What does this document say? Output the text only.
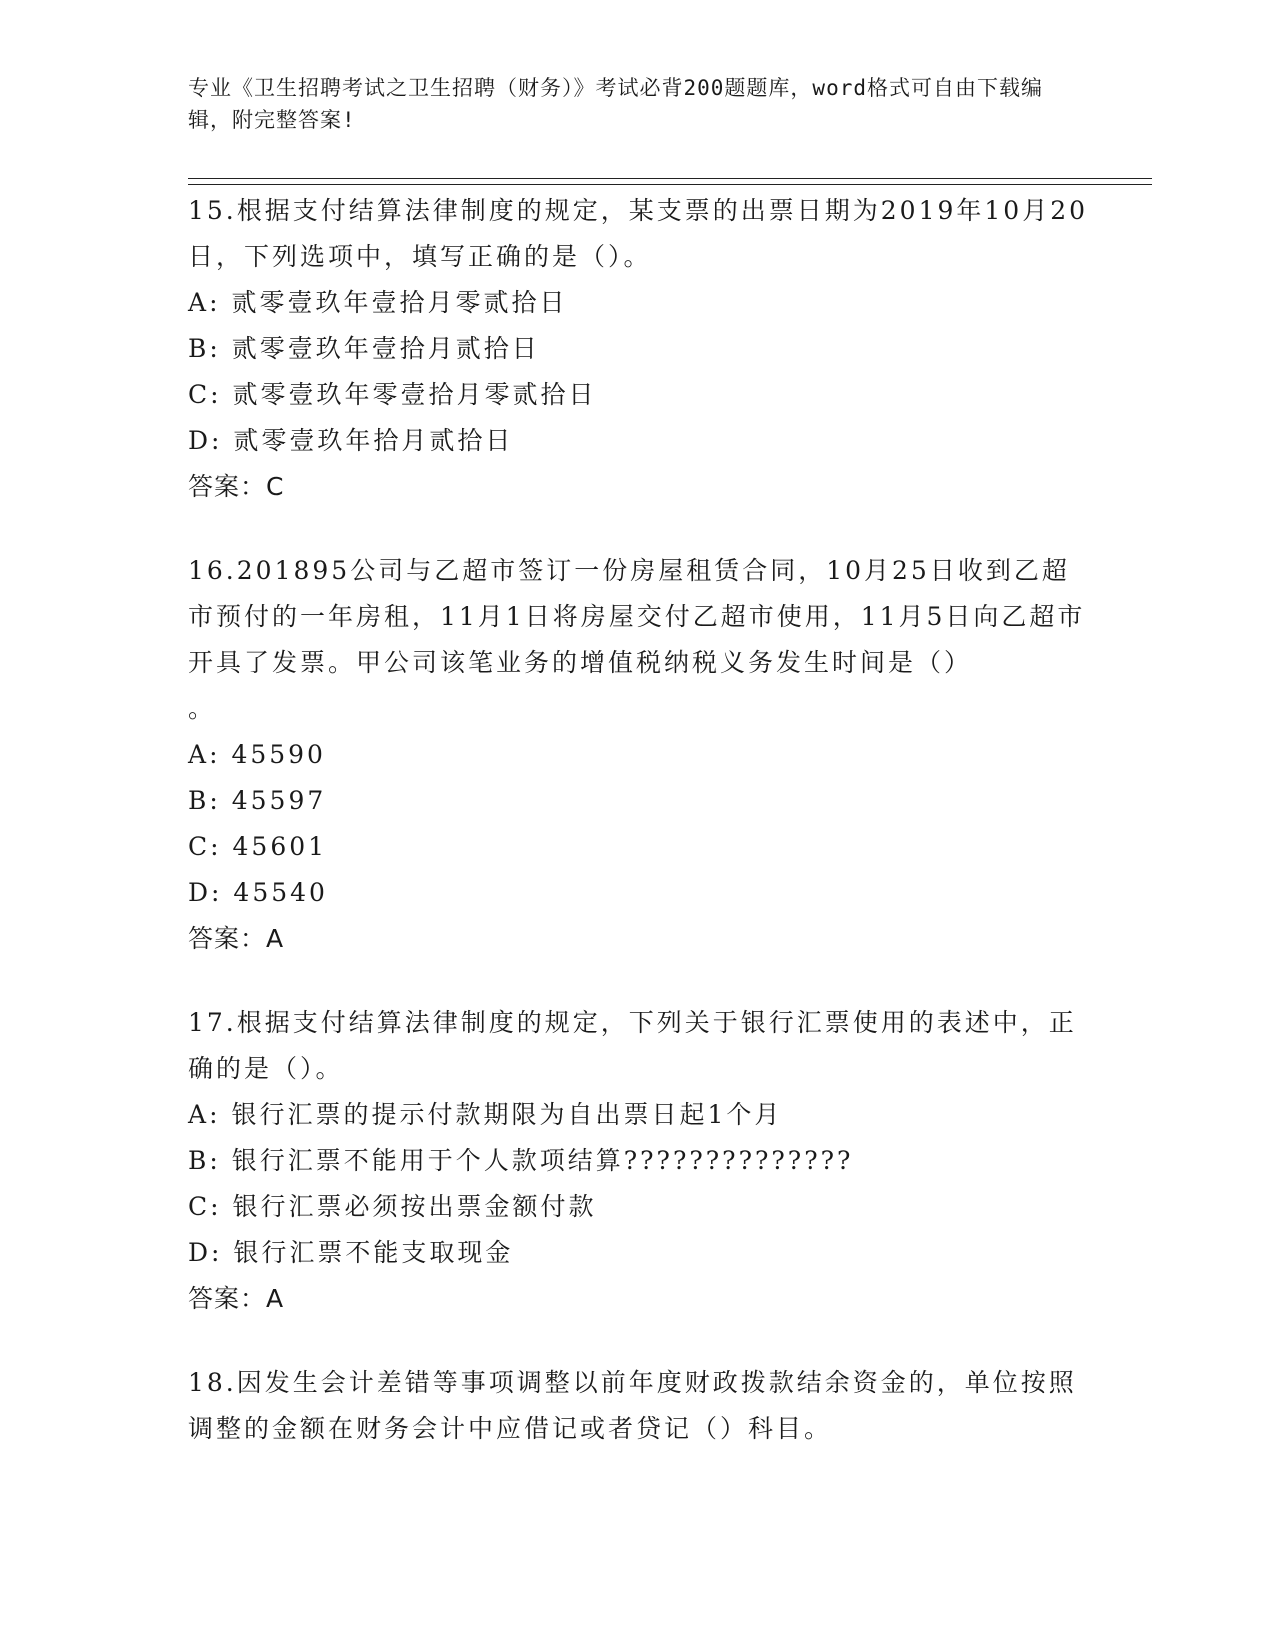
专业《卫生招聘考试之卫生招聘（财务）》考试必背200题题库，word格式可自由下载编辑，附完整答案!
15.根据支付结算法律制度的规定，某支票的出票日期为2019年10月20日，下列选项中，填写正确的是（）。
A: 贰零壹玖年壹拾月零贰拾日
B: 贰零壹玖年壹拾月贰拾日
C: 贰零壹玖年零壹拾月零贰拾日
D: 贰零壹玖年拾月贰拾日
答案：C
16.201895公司与乙超市签订一份房屋租赁合同，10月25日收到乙超市预付的一年房租，11月1日将房屋交付乙超市使用，11月5日向乙超市开具了发票。甲公司该笔业务的增值税纳税义务发生时间是（）
。
A: 45590
B: 45597
C: 45601
D: 45540
答案：A
17.根据支付结算法律制度的规定，下列关于银行汇票使用的表述中，正确的是（）。
A: 银行汇票的提示付款期限为自出票日起1个月
B: 银行汇票不能用于个人款项结算??????????????
C: 银行汇票必须按出票金额付款
D: 银行汇票不能支取现金
答案：A
18.因发生会计差错等事项调整以前年度财政拨款结余资金的，单位按照调整的金额在财务会计中应借记或者贷记（）科目。
